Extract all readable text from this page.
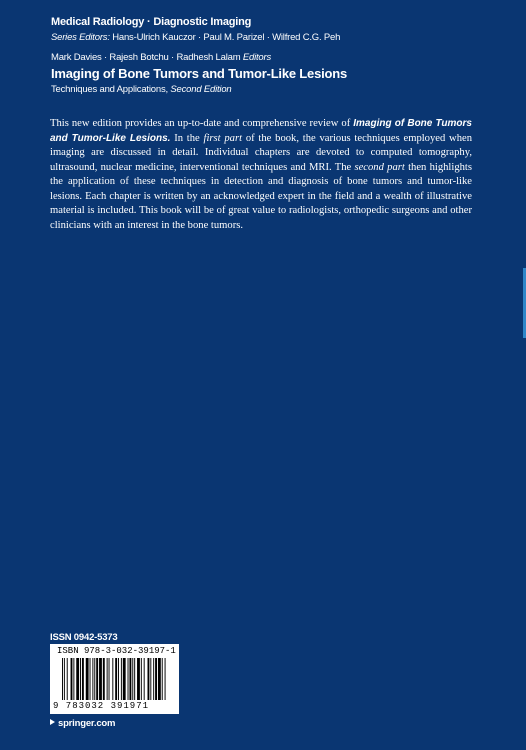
Medical Radiology · Diagnostic Imaging
Series Editors: Hans-Ulrich Kauczor · Paul M. Parizel · Wilfred C.G. Peh
Mark Davies · Rajesh Botchu · Radhesh Lalam Editors
Imaging of Bone Tumors and Tumor-Like Lesions
Techniques and Applications, Second Edition

This new edition provides an up-to-date and comprehensive review of Imaging of Bone Tumors and Tumor-Like Lesions. In the first part of the book, the various techniques employed when imaging are discussed in detail. Individual chapters are devoted to computed tomography, ultrasound, nuclear medicine, interventional techniques and MRI. The second part then highlights the application of these techniques in detection and diagnosis of bone tumors and tumor-like lesions. Each chapter is written by an acknowledged expert in the field and a wealth of illustrative material is included. This book will be of great value to radiologists, orthopedic surgeons and other clinicians with an interest in the bone tumors.

ISSN 0942-5373
ISBN 978-3-032-39197-1
9 783032 391971
springer.com
